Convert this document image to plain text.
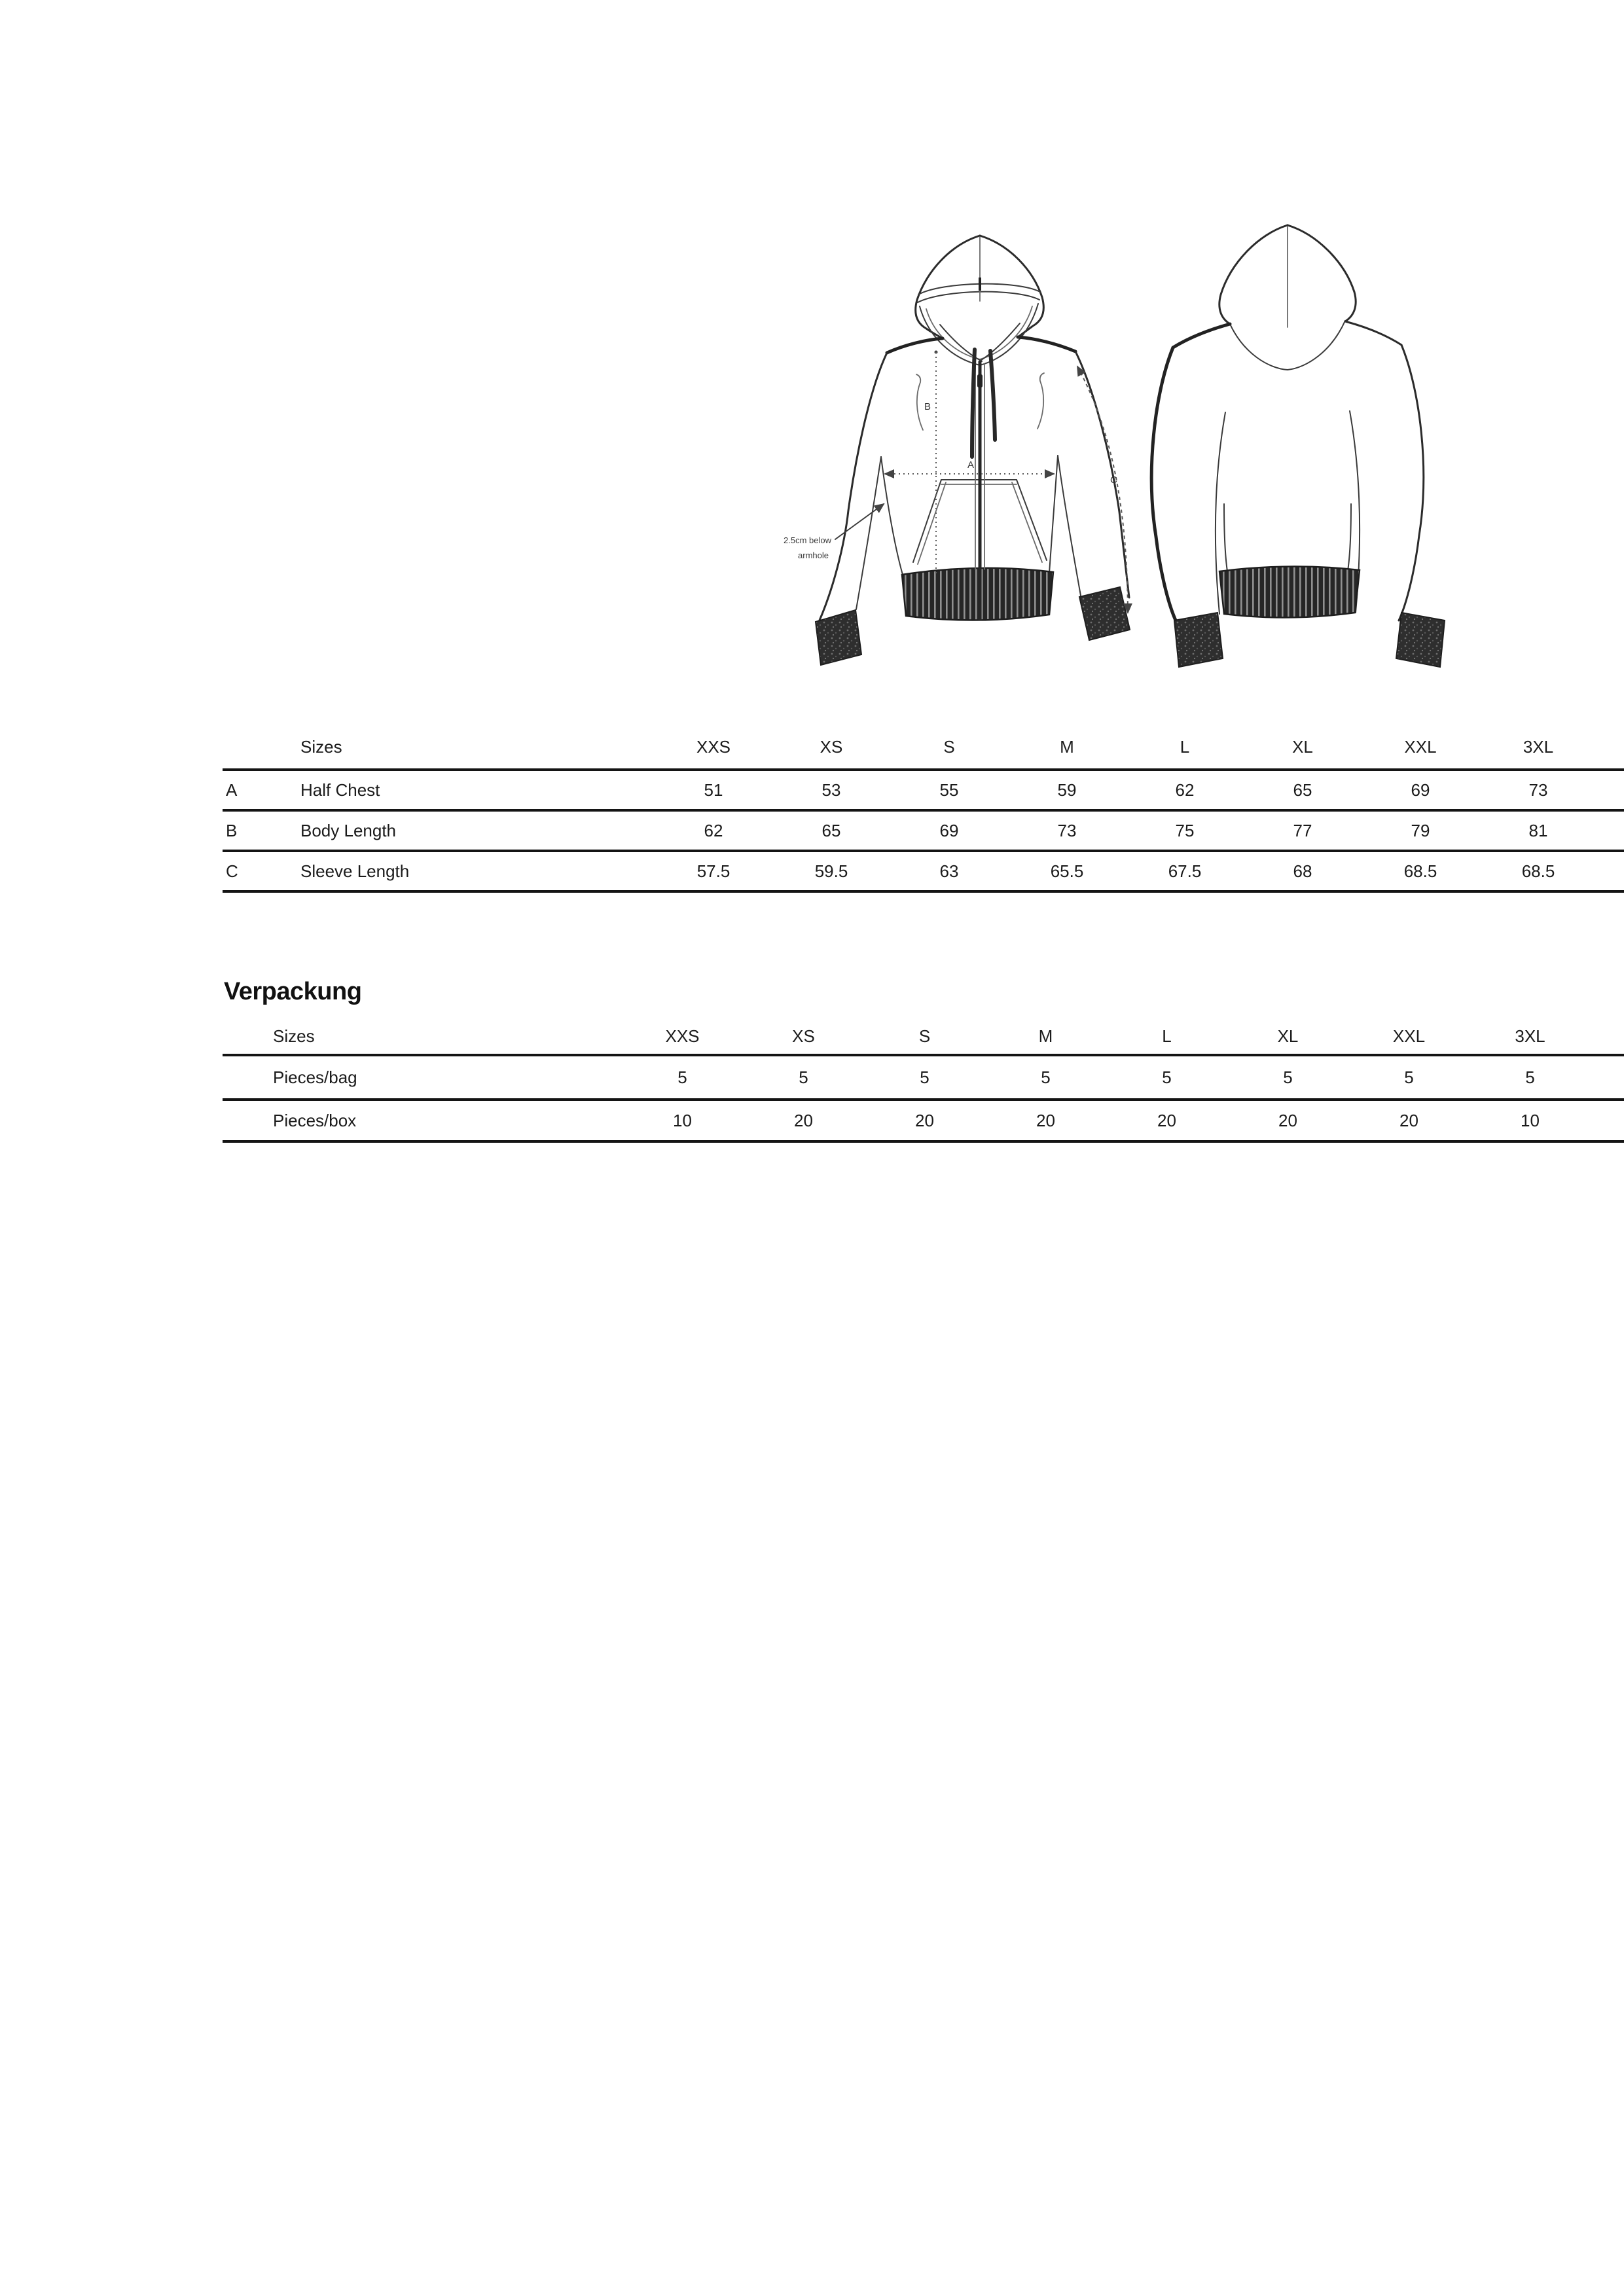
A
B
C
2.5cm below
armhole
	Sizes	XXS	XS	S	M	L	XL	XXL	3XL	
A	Half Chest	51	53	55	59	62	65	69	73	
B	Body Length	62	65	69	73	75	77	79	81	
C	Sleeve Length	57.5	59.5	63	65.5	67.5	68	68.5	68.5	
Verpackung
Sizes	XXS	XS	S	M	L	XL	XXL	3XL	
Pieces/bag	5	5	5	5	5	5	5	5	
Pieces/box	10	20	20	20	20	20	20	10	
